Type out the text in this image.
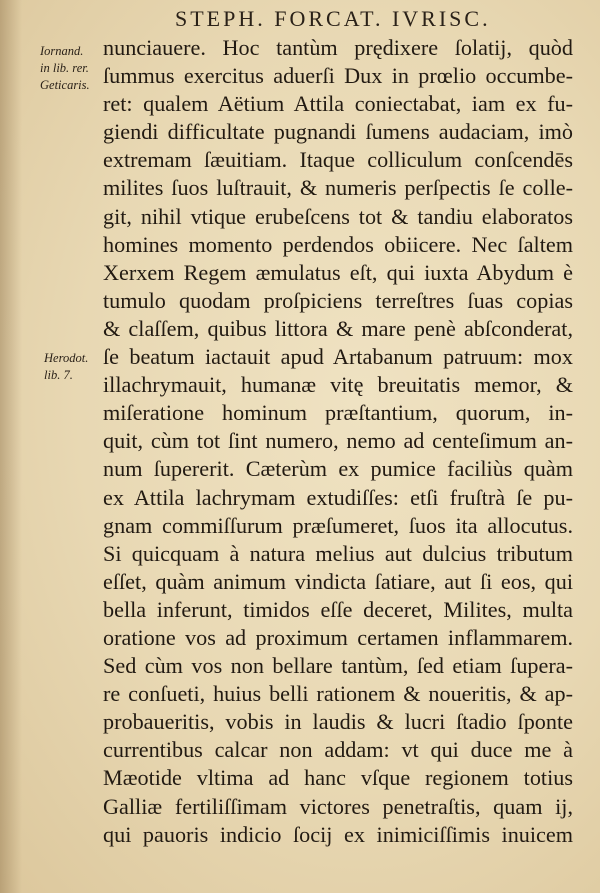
STEPH. FORCAT. IVRISC.
Iornand.
in lib. rer.
Geticaris.
Herodot.
lib. 7.
nunciauere. Hoc tantùm prędixere ſolatij, quòd
ſummus exercitus aduerſi Dux in prœlio occumbe-
ret: qualem Aëtium Attila coniectabat, iam ex fu-
giendi difficultate pugnandi ſumens audaciam, imò
extremam ſæuitiam. Itaque colliculum conſcendēs
milites ſuos luſtrauit, & numeris perſpectis ſe colle-
git, nihil vtique erubeſcens tot & tandiu elaboratos
homines momento perdendos obiicere. Nec ſaltem
Xerxem Regem æmulatus eſt, qui iuxta Abydum è
tumulo quodam proſpiciens terreſtres ſuas copias
& claſſem, quibus littora & mare penè abſconderat,
ſe beatum iactauit apud Artabanum patruum: mox
illachrymauit, humanæ vitę breuitatis memor, &
miſeratione hominum præſtantium, quorum, in-
quit, cùm tot ſint numero, nemo ad centeſimum an-
num ſupererit. Cæterùm ex pumice faciliùs quàm
ex Attila lachrymam extudiſſes: etſi fruſtrà ſe pu-
gnam commiſſurum præſumeret, ſuos ita allocutus.
Si quicquam à natura melius aut dulcius tributum
eſſet, quàm animum vindicta ſatiare, aut ſi eos, qui
bella inferunt, timidos eſſe deceret, Milites, multa
oratione vos ad proximum certamen inflammarem.
Sed cùm vos non bellare tantùm, ſed etiam ſupera-
re conſueti, huius belli rationem & noueritis, & ap-
probaueritis, vobis in laudis & lucri ſtadio ſponte
currentibus calcar non addam: vt qui duce me à
Mæotide vltima ad hanc vſque regionem totius
Galliæ fertiliſſimam victores penetraſtis, quam ij,
qui pauoris indicio ſocij ex inimiciſſimis inuicem
